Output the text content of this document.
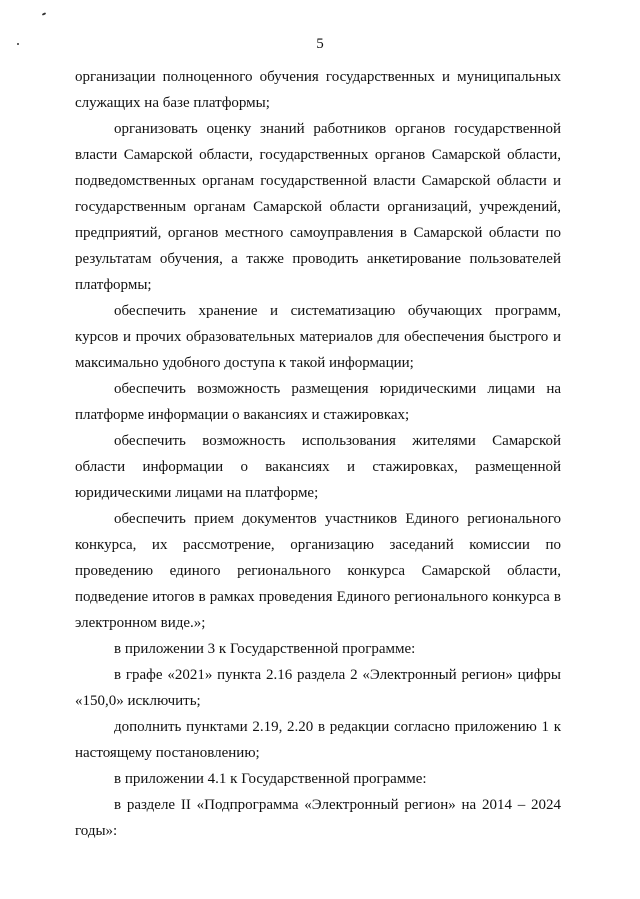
5

организации полноценного обучения государственных и муниципальных служащих на базе платформы;

организовать оценку знаний работников органов государственной власти Самарской области, государственных органов Самарской области, подведомственных органам государственной власти Самарской области и государственным органам Самарской области организаций, учреждений, предприятий, органов местного самоуправления в Самарской области по результатам обучения, а также проводить анкетирование пользователей платформы;

обеспечить хранение и систематизацию обучающих программ, курсов и прочих образовательных материалов для обеспечения быстрого и максимально удобного доступа к такой информации;

обеспечить возможность размещения юридическими лицами на платформе информации о вакансиях и стажировках;

обеспечить возможность использования жителями Самарской области информации о вакансиях и стажировках, размещенной юридическими лицами на платформе;

обеспечить прием документов участников Единого регионального конкурса, их рассмотрение, организацию заседаний комиссии по проведению единого регионального конкурса Самарской области, подведение итогов в рамках проведения Единого регионального конкурса в электронном виде.»;

в приложении 3 к Государственной программе:

в графе «2021» пункта 2.16 раздела 2 «Электронный регион» цифры «150,0» исключить;

дополнить пунктами 2.19, 2.20 в редакции согласно приложению 1 к настоящему постановлению;

в приложении 4.1 к Государственной программе:

в разделе II «Подпрограмма «Электронный регион» на 2014 – 2024 годы»:
